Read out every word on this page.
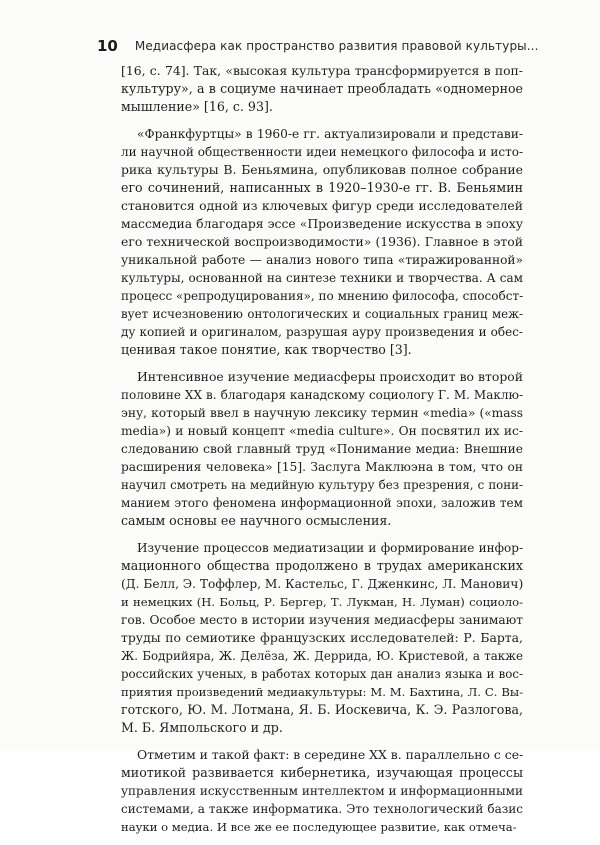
10 Медиасфера как пространство развития правовой культуры...
[16, с. 74]. Так, «высокая культура трансформируется в поп-
культуру», а в социуме начинает преобладать «одномерное
мышление» [16, с. 93].
«Франкфуртцы» в 1960-е гг. актуализировали и представи-
ли научной общественности идеи немецкого философа и исто-
рика культуры В. Беньямина, опубликовав полное собрание
его сочинений, написанных в 1920–1930-е гг. В. Беньямин
становится одной из ключевых фигур среди исследователей
массмедиа благодаря эссе «Произведение искусства в эпоху
его технической воспроизводимости» (1936). Главное в этой
уникальной работе — анализ нового типа «тиражированной»
культуры, основанной на синтезе техники и творчества. А сам
процесс «репродуцирования», по мнению философа, способст-
вует исчезновению онтологических и социальных границ меж-
ду копией и оригиналом, разрушая ауру произведения и обес-
ценивая такое понятие, как творчество [3].
Интенсивное изучение медиасферы происходит во второй
половине XX в. благодаря канадскому социологу Г. М. Маклю-
эну, который ввел в научную лексику термин «media» («mass
media») и новый концепт «media culture». Он посвятил их ис-
следованию свой главный труд «Понимание медиа: Внешние
расширения человека» [15]. Заслуга Маклюэна в том, что он
научил смотреть на медийную культуру без презрения, с пони-
манием этого феномена информационной эпохи, заложив тем
самым основы ее научного осмысления.
Изучение процессов медиатизации и формирование инфор-
мационного общества продолжено в трудах американских
(Д. Белл, Э. Тоффлер, М. Кастельс, Г. Дженкинс, Л. Манович)
и немецких (Н. Больц, Р. Бергер, Т. Лукман, Н. Луман) социоло-
гов. Особое место в истории изучения медиасферы занимают
труды по семиотике французских исследователей: Р. Барта,
Ж. Бодрийяра, Ж. Делёза, Ж. Деррида, Ю. Кристевой, а также
российских ученых, в работах которых дан анализ языка и вос-
приятия произведений медиакультуры: М. М. Бахтина, Л. С. Вы-
готского, Ю. М. Лотмана, Я. Б. Иоскевича, К. Э. Разлогова,
М. Б. Ямпольского и др.
Отметим и такой факт: в середине XX в. параллельно с се-
миотикой развивается кибернетика, изучающая процессы
управления искусственным интеллектом и информационными
системами, а также информатика. Это технологический базис
науки о медиа. И все же ее последующее развитие, как отмеча-
